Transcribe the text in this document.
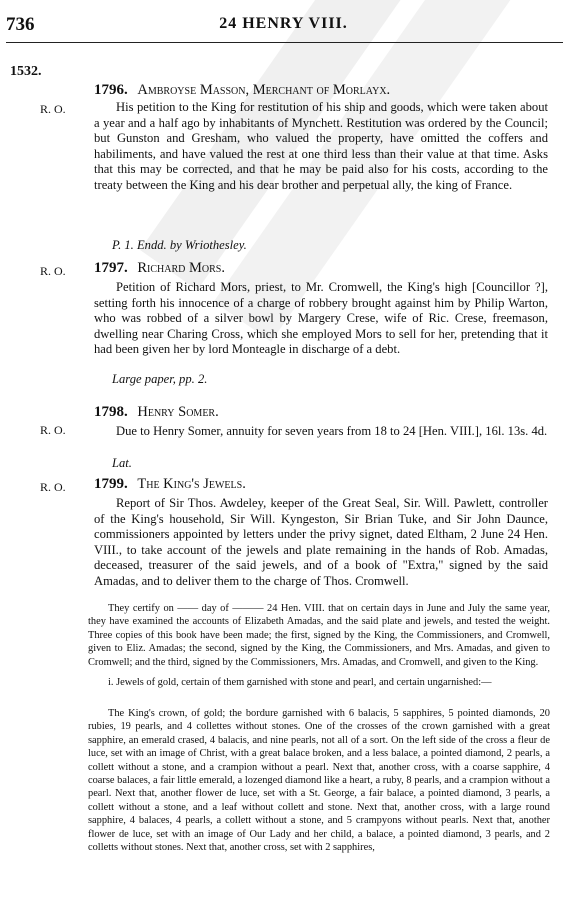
736	24 HENRY VIII.
1532.
R. O.
1796. Ambroyse Masson, Merchant of Morlayx.
His petition to the King for restitution of his ship and goods, which were taken about a year and a half ago by inhabitants of Mynchett. Restitution was ordered by the Council; but Gunston and Gresham, who valued the property, have omitted the coffers and habiliments, and have valued the rest at one third less than their value at that time. Asks that this may be corrected, and that he may be paid also for his costs, according to the treaty between the King and his dear brother and perpetual ally, the king of France.
P. 1. Endd. by Wriothesley.
R. O. 1797. Richard Mors.
Petition of Richard Mors, priest, to Mr. Cromwell, the King's high [Councillor ?], setting forth his innocence of a charge of robbery brought against him by Philip Warton, who was robbed of a silver bowl by Margery Crese, wife of Ric. Crese, freemason, dwelling near Charing Cross, which she employed Mors to sell for her, pretending that it had been given her by lord Monteagle in discharge of a debt.
Large paper, pp. 2.
R. O.
1798. Henry Somer.
Due to Henry Somer, annuity for seven years from 18 to 24 [Hen. VIII.], 16l. 13s. 4d.
Lat.
R. O. 1799. The King's Jewels.
Report of Sir Thos. Awdeley, keeper of the Great Seal, Sir. Will. Pawlett, controller of the King's household, Sir Will. Kyngeston, Sir Brian Tuke, and Sir John Daunce, commissioners appointed by letters under the privy signet, dated Eltham, 2 June 24 Hen. VIII., to take account of the jewels and plate remaining in the hands of Rob. Amadas, deceased, treasurer of the said jewels, and of a book of "Extra," signed by the said Amadas, and to deliver them to the charge of Thos. Cromwell.
They certify on —— day of ——— 24 Hen. VIII. that on certain days in June and July the same year, they have examined the accounts of Elizabeth Amadas, and the said plate and jewels, and tested the weight. Three copies of this book have been made; the first, signed by the King, the Commissioners, and Cromwell, given to Eliz. Amadas; the second, signed by the King, the Commissioners, and Mrs. Amadas, and given to Cromwell; and the third, signed by the Commissioners, Mrs. Amadas, and Cromwell, and given to the King.
i. Jewels of gold, certain of them garnished with stone and pearl, and certain ungarnished:—
The King's crown, of gold; the bordure garnished with 6 balacis, 5 sapphires, 5 pointed diamonds, 20 rubies, 19 pearls, and 4 collettes without stones. One of the crosses of the crown garnished with a great sapphire, an emerald crased, 4 balacis, and nine pearls, not all of a sort. On the left side of the cross a fleur de luce, set with an image of Christ, with a great balace broken, and a less balace, a pointed diamond, 2 pearls, a collett without a stone, and a crampion without a pearl. Next that, another cross, with a coarse sapphire, 4 coarse balaces, a fair little emerald, a lozenged diamond like a heart, a ruby, 8 pearls, and a crampion without a pearl. Next that, another flower de luce, set with a St. George, a fair balace, a pointed diamond, 3 pearls, a collett without a stone, and a leaf without collett and stone. Next that, another cross, with a large round sapphire, 4 balaces, 4 pearls, a collett without a stone, and 5 crampyons without pearls. Next that, another flower de luce, set with an image of Our Lady and her child, a balace, a pointed diamond, 3 pearls, and 2 colletts without stones. Next that, another cross, set with 2 sapphires,
